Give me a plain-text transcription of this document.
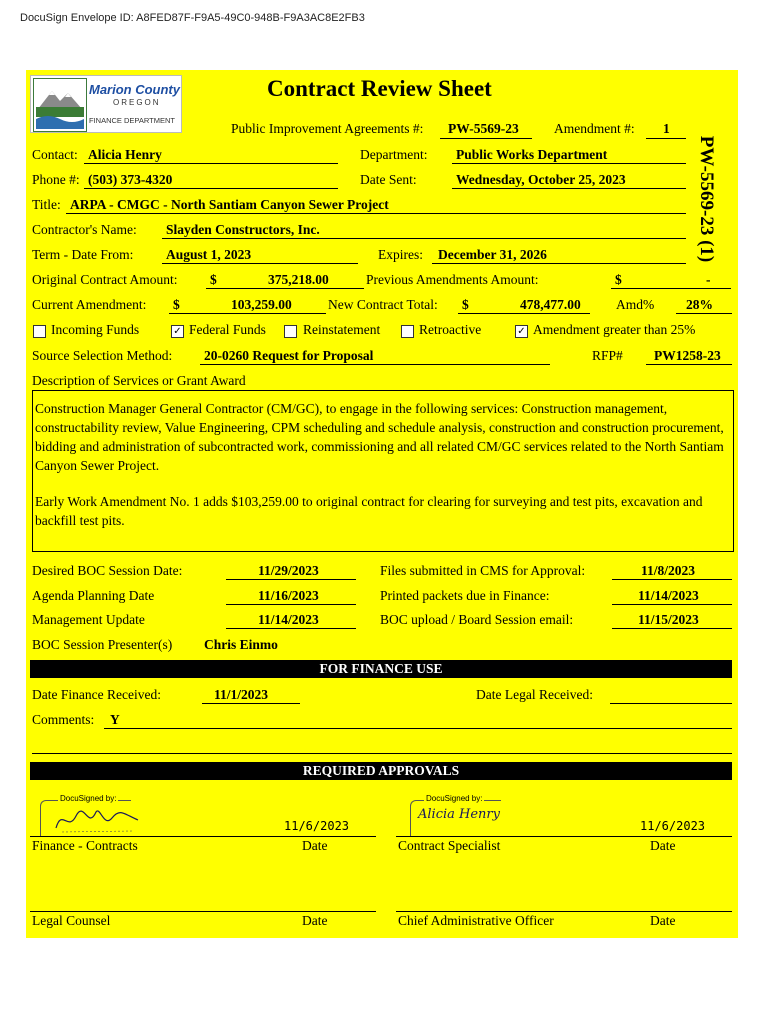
DocuSign Envelope ID: A8FED87F-F9A5-49C0-948B-F9A3AC8E2FB3
Marion County
OREGON
FINANCE DEPARTMENT
Contract Review Sheet
PW-5569-23 (1)
Public Improvement Agreements #: PW-5569-23	Amendment #: 1
Contact: Alicia Henry	Department: Public Works Department
Phone #: (503) 373-4320	Date Sent:	Wednesday, October 25, 2023
Title: ARPA - CMGC - North Santiam Canyon Sewer Project
Contractor's Name: Slayden Constructors, Inc.
Term - Date From: August 1, 2023	Expires: December 31, 2026
Original Contract Amount: $	375,218.00	Previous Amendments Amount:	$	-
Current Amendment: $	103,259.00	New Contract Total: $	478,477.00	Amd% 28%
Incoming Funds	✓ Federal Funds	Reinstatement	Retroactive	✓ Amendment greater than 25%
Source Selection Method: 20-0260 Request for Proposal	RFP# PW1258-23
Description of Services or Grant Award
Construction Manager General Contractor (CM/GC), to engage in the following services: Construction management, constructability review, Value Engineering, CPM scheduling and schedule analysis, construction and construction procurement, bidding and administration of subcontracted work, commissioning and all related CM/GC services related to the North Santiam Canyon Sewer Project.
Early Work Amendment No. 1 adds $103,259.00 to original contract for clearing for surveying and test pits, excavation and backfill test pits.
Desired BOC Session Date:	11/29/2023	Files submitted in CMS for Approval:	11/8/2023
Agenda Planning Date	11/16/2023	Printed packets due in Finance:	11/14/2023
Management Update	11/14/2023	BOC upload / Board Session email:	11/15/2023
BOC Session Presenter(s) Chris Einmo
FOR FINANCE USE
Date Finance Received:	11/1/2023	Date Legal Received:
Comments: Y
REQUIRED APPROVALS
DocuSigned by:
11/6/2023
Finance - Contracts	Date
DocuSigned by:
Alicia Henry
11/6/2023
Contract Specialist	Date
Legal Counsel	Date	Chief Administrative Officer	Date
